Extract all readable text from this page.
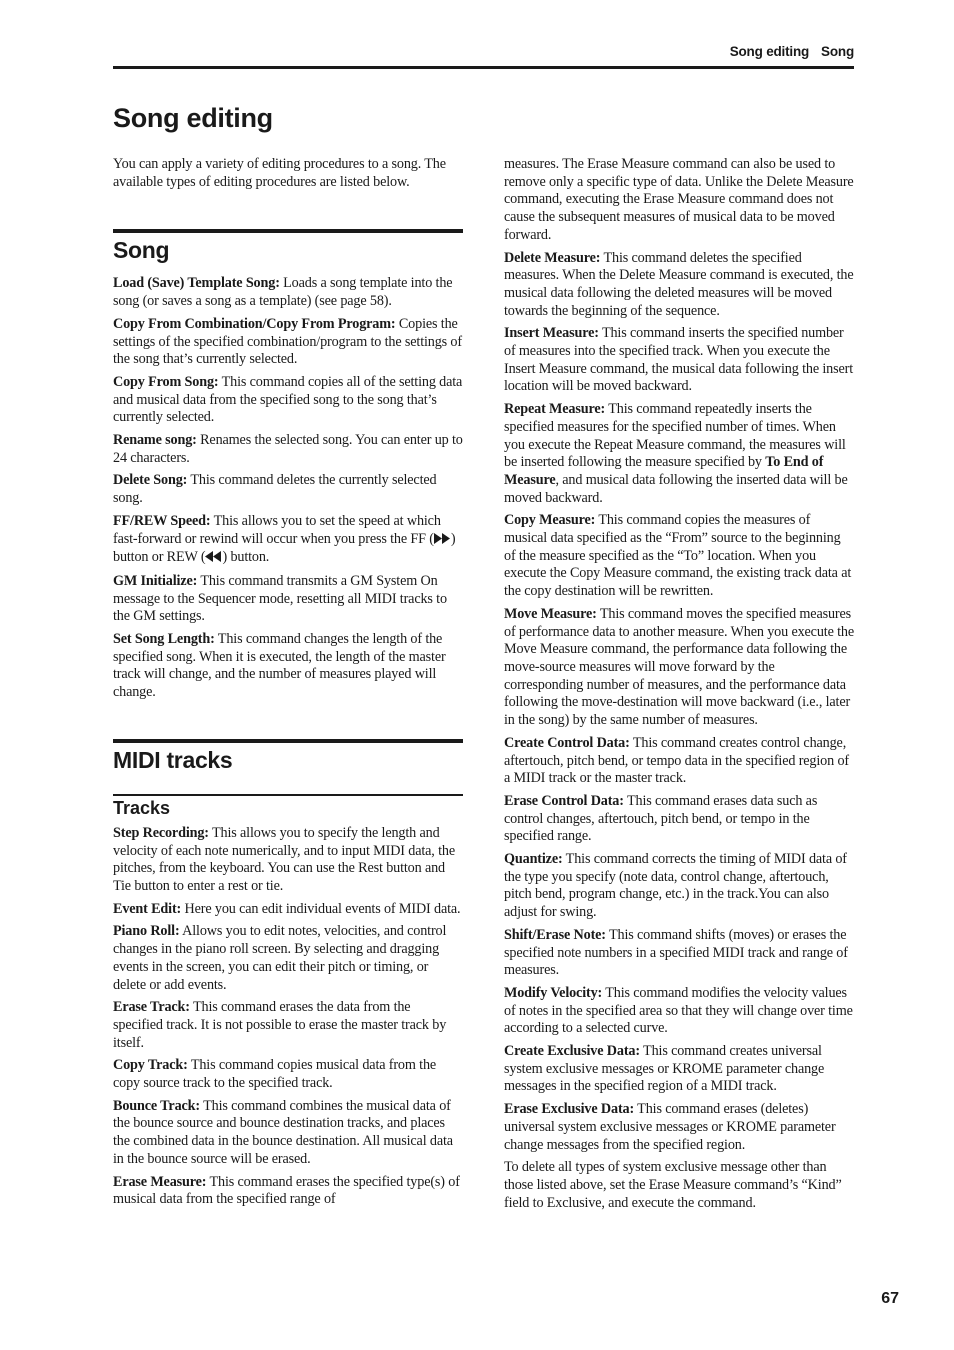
Song editing Song
Song editing

You can apply a variety of editing procedures to a song. The available types of editing procedures are listed below.

Song

Load (Save) Template Song: Loads a song template into the song (or saves a song as a template) (see page 58).

Copy From Combination/Copy From Program: Copies the settings of the specified combination/program to the settings of the song that’s currently selected.

Copy From Song: This command copies all of the setting data and musical data from the specified song to the song that’s currently selected.

Rename song: Renames the selected song. You can enter up to 24 characters.

Delete Song: This command deletes the currently selected song.

FF/REW Speed: This allows you to set the speed at which fast-forward or rewind will occur when you press the FF ( ) button or REW ( ) button.

GM Initialize: This command transmits a GM System On message to the Sequencer mode, resetting all MIDI tracks to the GM settings.

Set Song Length: This command changes the length of the specified song. When it is executed, the length of the master track will change, and the number of measures played will change.

MIDI tracks
Tracks

Step Recording: This allows you to specify the length and velocity of each note numerically, and to input MIDI data, the pitches, from the keyboard. You can use the Rest button and Tie button to enter a rest or tie.

Event Edit: Here you can edit individual events of MIDI data.

Piano Roll: Allows you to edit notes, velocities, and control changes in the piano roll screen. By selecting and dragging events in the screen, you can edit their pitch or timing, or delete or add events.

Erase Track: This command erases the data from the specified track. It is not possible to erase the master track by itself.

Copy Track: This command copies musical data from the copy source track to the specified track.

Bounce Track: This command combines the musical data of the bounce source and bounce destination tracks, and places the combined data in the bounce destination. All musical data in the bounce source will be erased.

Erase Measure: This command erases the specified type(s) of musical data from the specified range of

measures. The Erase Measure command can also be used to remove only a specific type of data. Unlike the Delete Measure command, executing the Erase Measure command does not cause the subsequent measures of musical data to be moved forward.

Delete Measure: This command deletes the specified measures. When the Delete Measure command is executed, the musical data following the deleted measures will be moved towards the beginning of the sequence.

Insert Measure: This command inserts the specified number of measures into the specified track. When you execute the Insert Measure command, the musical data following the insert location will be moved backward.

Repeat Measure: This command repeatedly inserts the specified measures for the specified number of times. When you execute the Repeat Measure command, the measures will be inserted following the measure specified by To End of Measure, and musical data following the inserted data will be moved backward.

Copy Measure: This command copies the measures of musical data specified as the “From” source to the beginning of the measure specified as the “To” location. When you execute the Copy Measure command, the existing track data at the copy destination will be rewritten.

Move Measure: This command moves the specified measures of performance data to another measure. When you execute the Move Measure command, the performance data following the move-source measures will move forward by the corresponding number of measures, and the performance data following the move-destination will move backward (i.e., later in the song) by the same number of measures.

Create Control Data: This command creates control change, aftertouch, pitch bend, or tempo data in the specified region of a MIDI track or the master track.

Erase Control Data: This command erases data such as control changes, aftertouch, pitch bend, or tempo in the specified range.

Quantize: This command corrects the timing of MIDI data of the type you specify (note data, control change, aftertouch, pitch bend, program change, etc.) in the track.You can also adjust for swing.

Shift/Erase Note: This command shifts (moves) or erases the specified note numbers in a specified MIDI track and range of measures.

Modify Velocity: This command modifies the velocity values of notes in the specified area so that they will change over time according to a selected curve.

Create Exclusive Data: This command creates universal system exclusive messages or KROME parameter change messages in the specified region of a MIDI track.

Erase Exclusive Data: This command erases (deletes) universal system exclusive messages or KROME parameter change messages from the specified region.

To delete all types of system exclusive message other than those listed above, set the Erase Measure command’s “Kind” field to Exclusive, and execute the command.

67
